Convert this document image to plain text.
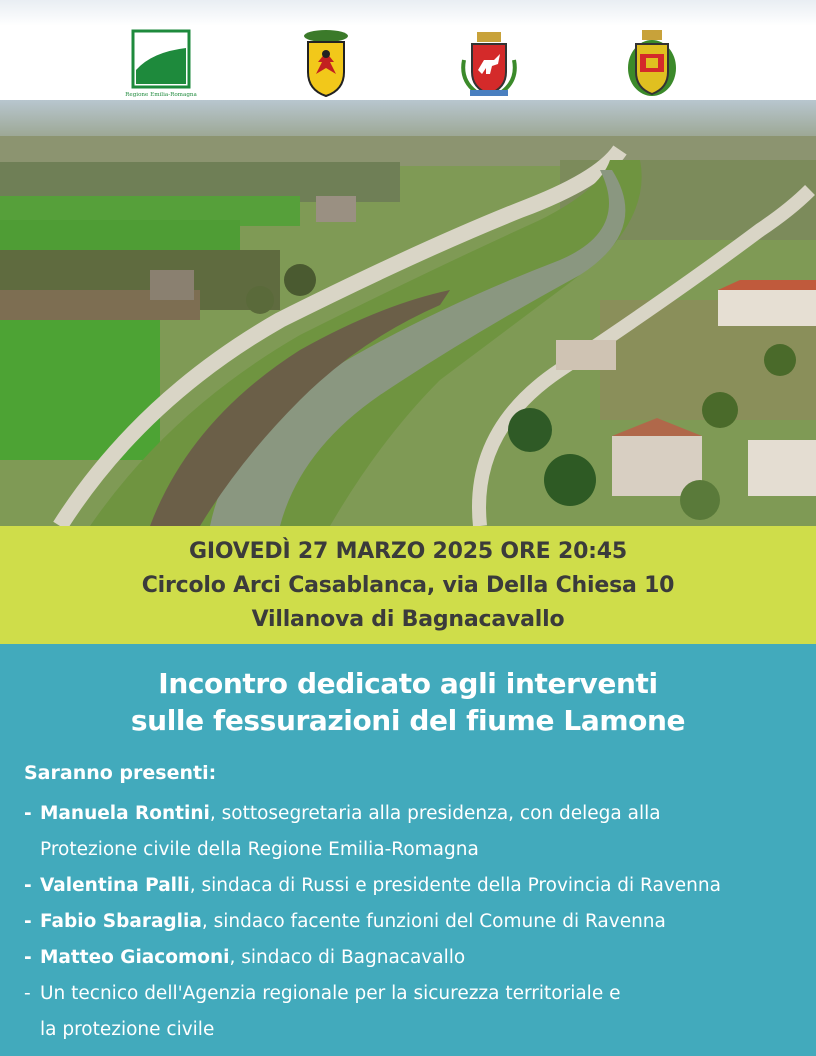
Regione Emilia-Romagna
GIOVEDÌ 27 MARZO 2025 ORE 20:45
Circolo Arci Casablanca, via Della Chiesa 10
Villanova di Bagnacavallo
Incontro dedicato agli interventi
sulle fessurazioni del fiume Lamone
Saranno presenti:
- Manuela Rontini, sottosegretaria alla presidenza, con delega alla
Protezione civile della Regione Emilia-Romagna
- Valentina Palli, sindaca di Russi e presidente della Provincia di Ravenna
- Fabio Sbaraglia, sindaco facente funzioni del Comune di Ravenna
- Matteo Giacomoni, sindaco di Bagnacavallo
- Un tecnico dell'Agenzia regionale per la sicurezza territoriale e
la protezione civile
